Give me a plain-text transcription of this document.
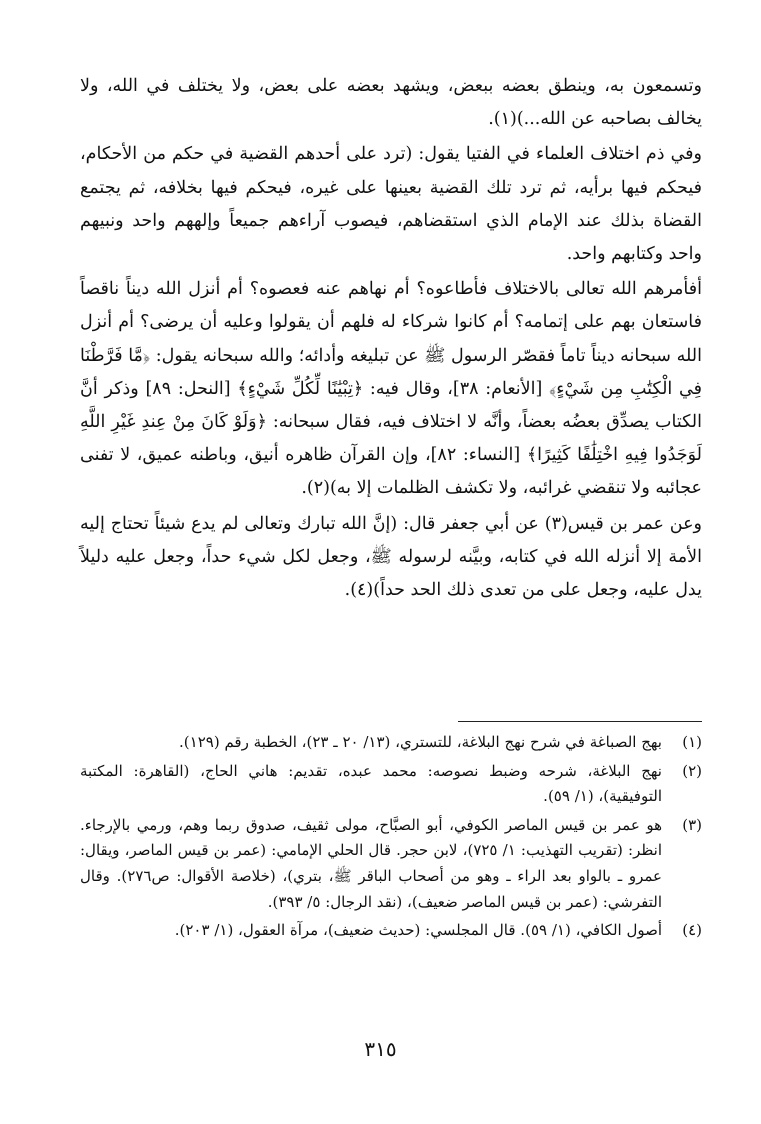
وتسمعون به، وينطق بعضه ببعض، ويشهد بعضه على بعض، ولا يختلف في الله، ولا يخالف بصاحبه عن الله...)(١).

وفي ذم اختلاف العلماء في الفتيا يقول: (ترد على أحدهم القضية في حكم من الأحكام، فيحكم فيها برأيه، ثم ترد تلك القضية بعينها على غيره، فيحكم فيها بخلافه، ثم يجتمع القضاة بذلك عند الإمام الذي استقضاهم، فيصوب آراءهم جميعاً وإلههم واحد ونبيهم واحد وكتابهم واحد.

أفأمرهم الله تعالى بالاختلاف فأطاعوه؟ أم نهاهم عنه فعصوه؟ أم أنزل الله ديناً ناقصاً فاستعان بهم على إتمامه؟ أم كانوا شركاء له فلهم أن يقولوا وعليه أن يرضى؟ أم أنزل الله سبحانه ديناً تاماً فقصّر الرسول ﷺ عن تبليغه وأدائه؛ والله سبحانه يقول: ﴿مَّا فَرَّطْنَا فِي الْكِتَٰبِ مِن شَيْءٍ﴾ [الأنعام: ٣٨]، وقال فيه: ﴿تِبْيَٰنًا لِّكُلِّ شَيْءٍ﴾ [النحل: ٨٩] وذكر أنَّ الكتاب يصدِّق بعضُه بعضاً، وأنَّه لا اختلاف فيه، فقال سبحانه: ﴿وَلَوْ كَانَ مِنْ عِندِ غَيْرِ اللَّهِ لَوَجَدُوا فِيهِ اخْتِلَٰفًا كَثِيرًا﴾ [النساء: ٨٢]، وإن القرآن ظاهره أنيق، وباطنه عميق، لا تفنى عجائبه ولا تنقضي غرائبه، ولا تكشف الظلمات إلا به)(٢).

وعن عمر بن قيس(٣) عن أبي جعفر قال: (إنَّ الله تبارك وتعالى لم يدع شيئاً تحتاج إليه الأمة إلا أنزله الله في كتابه، وبيَّنه لرسوله ﷺ، وجعل لكل شيء حداً، وجعل عليه دليلاً يدل عليه، وجعل على من تعدى ذلك الحد حداً)(٤).

(١)
بهج الصباغة في شرح نهج البلاغة، للتستري، (١٣/ ٢٠ ـ ٢٣)، الخطبة رقم (١٢٩).
(٢)
نهج البلاغة، شرحه وضبط نصوصه: محمد عبده، تقديم: هاني الحاج، (القاهرة: المكتبة التوفيقية)، (١/ ٥٩).
(٣)
هو عمر بن قيس الماصر الكوفي، أبو الصبَّاح، مولى ثقيف، صدوق ربما وهم، ورمي بالإرجاء. انظر: (تقريب التهذيب: ١/ ٧٢٥)، لابن حجر. قال الحلي الإمامي: (عمر بن قيس الماصر، ويقال: عمرو ـ بالواو بعد الراء ـ وهو من أصحاب الباقر ﷺ، بتري)، (خلاصة الأقوال: ص٢٧٦). وقال التفرشي: (عمر بن قيس الماصر ضعيف)، (نقد الرجال: ٥/ ٣٩٣).
(٤)
أصول الكافي، (١/ ٥٩). قال المجلسي: (حديث ضعيف)، مرآة العقول، (١/ ٢٠٣).
٣١٥
